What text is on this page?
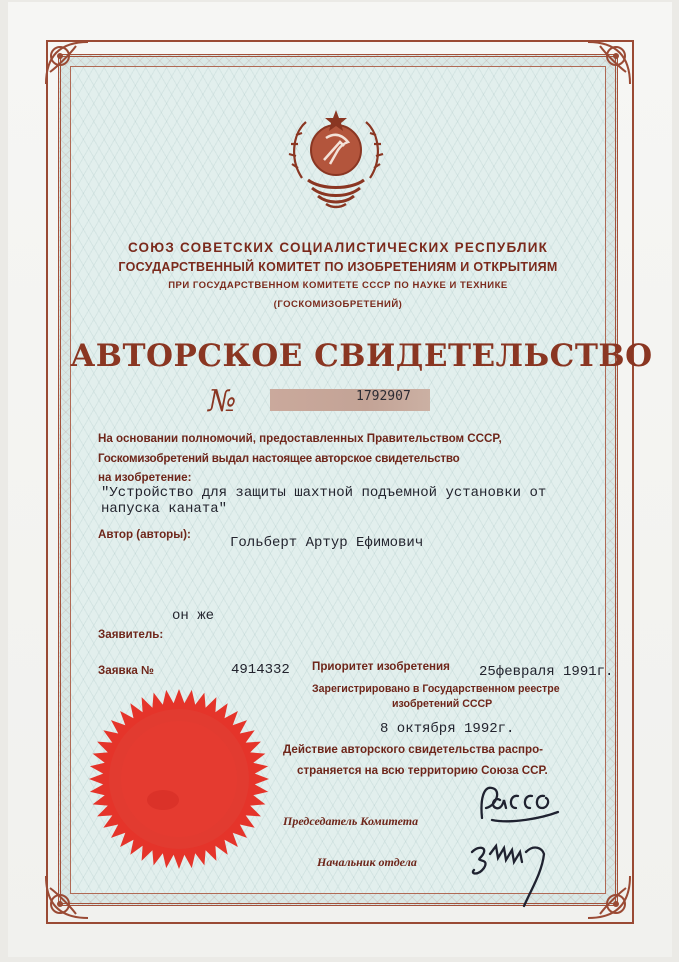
СОЮЗ СОВЕТСКИХ СОЦИАЛИСТИЧЕСКИХ РЕСПУБЛИК
ГОСУДАРСТВЕННЫЙ КОМИТЕТ ПО ИЗОБРЕТЕНИЯМ И ОТКРЫТИЯМ
ПРИ ГОСУДАРСТВЕННОМ КОМИТЕТЕ СССР ПО НАУКЕ И ТЕХНИКЕ
(ГОСКОМИЗОБРЕТЕНИЙ)
АВТОРСКОЕ СВИДЕТЕЛЬСТВО
№	1792907
На основании полномочий, предоставленных Правительством СССР,
Госкомизобретений выдал настоящее авторское свидетельство
на изобретение:
"Устройство для защиты шахтной подъемной установки от
напуска каната"
Автор (авторы):
Гольберт Артур Ефимович
он же
Заявитель:
Заявка №	4914332 Приоритет изобретения 25февраля 1991г.
Зарегистрировано в Государственном реестре
изобретений СССР
8 октября 1992г.
Действие авторского свидетельства распро-
страняется на всю территорию Союза ССР.
Председатель Комитета
Начальник отдела
